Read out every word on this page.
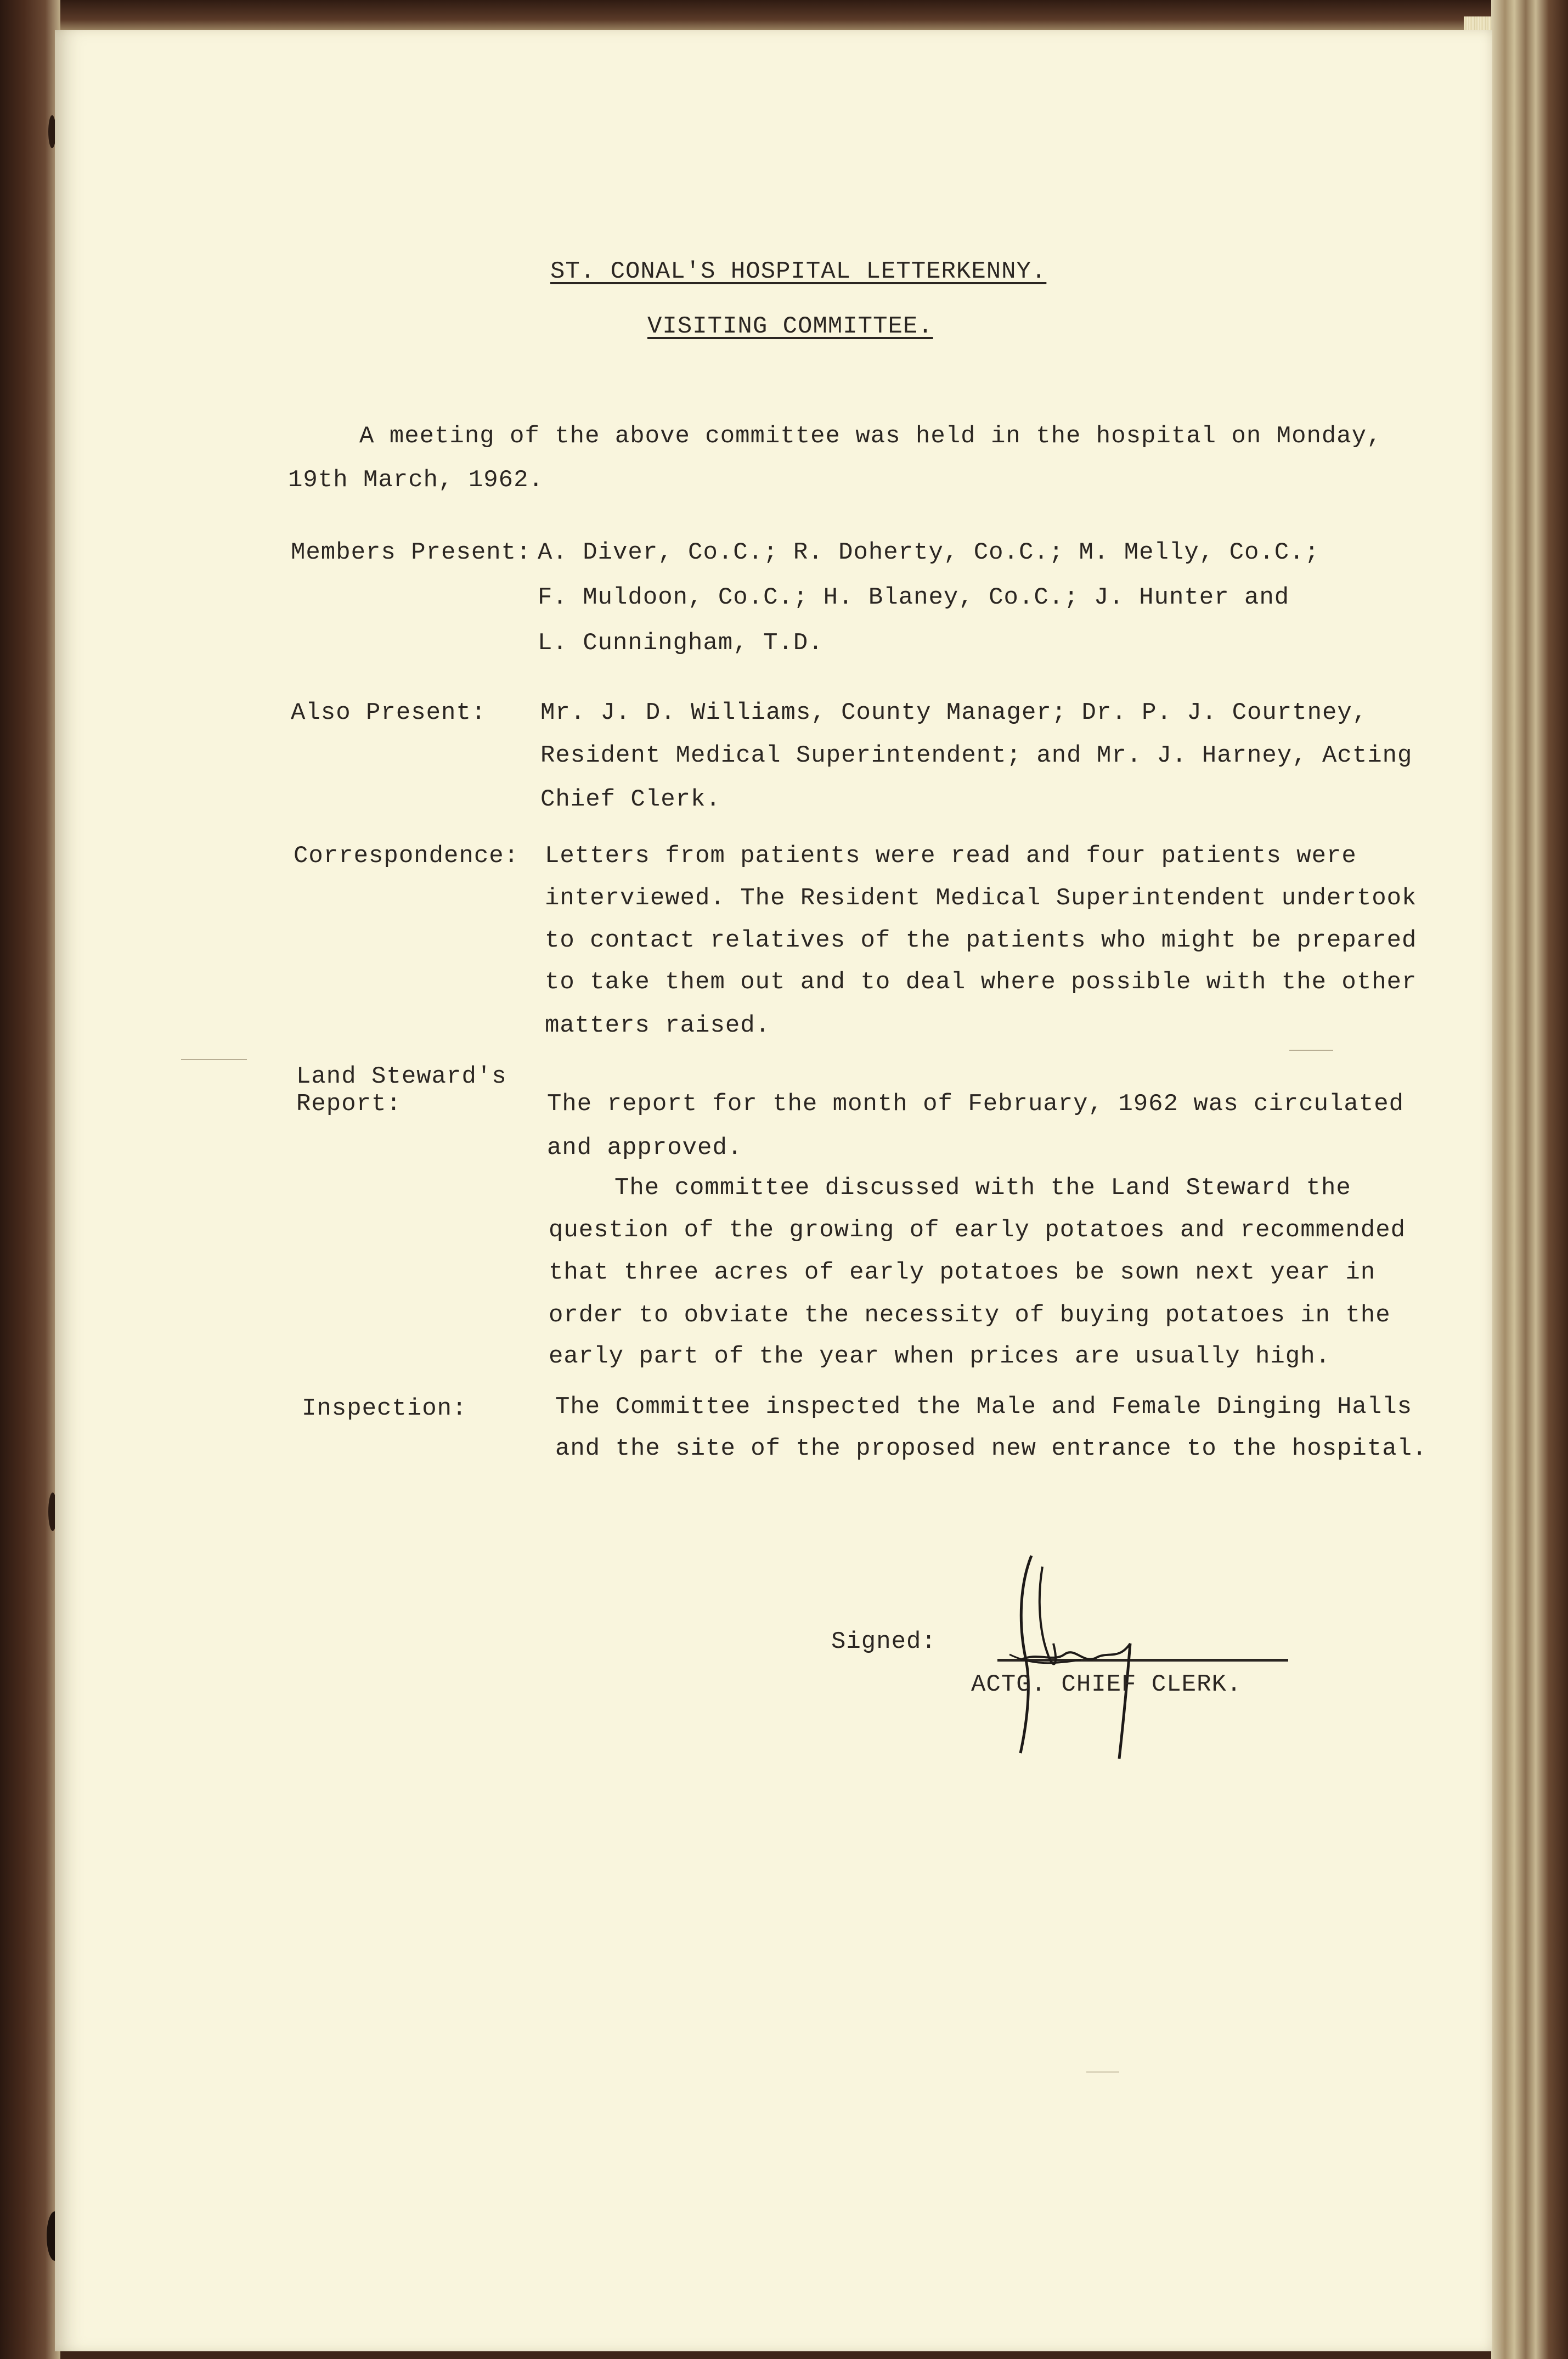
ST. CONAL'S HOSPITAL LETTERKENNY.
VISITING COMMITTEE.
A meeting of the above committee was held in the hospital on Monday,
19th March, 1962.
Members Present: A. Diver, Co.C.; R. Doherty, Co.C.; M. Melly, Co.C.;
F. Muldoon, Co.C.; H. Blaney, Co.C.; J. Hunter and
L. Cunningham, T.D.
Also Present: Mr. J. D. Williams, County Manager; Dr. P. J. Courtney,
Resident Medical Superintendent; and Mr. J. Harney, Acting
Chief Clerk.
Correspondence: Letters from patients were read and four patients were
interviewed. The Resident Medical Superintendent undertook
to contact relatives of the patients who might be prepared
to take them out and to deal where possible with the other
matters raised.
Land Steward's
Report:	The report for the month of February, 1962 was circulated
and approved.
The committee discussed with the Land Steward the
question of the growing of early potatoes and recommended
that three acres of early potatoes be sown next year in
order to obviate the necessity of buying potatoes in the
early part of the year when prices are usually high.
Inspection:	The Committee inspected the Male and Female Dinging Halls
and the site of the proposed new entrance to the hospital.
Signed:
ACTG. CHIEF CLERK.
